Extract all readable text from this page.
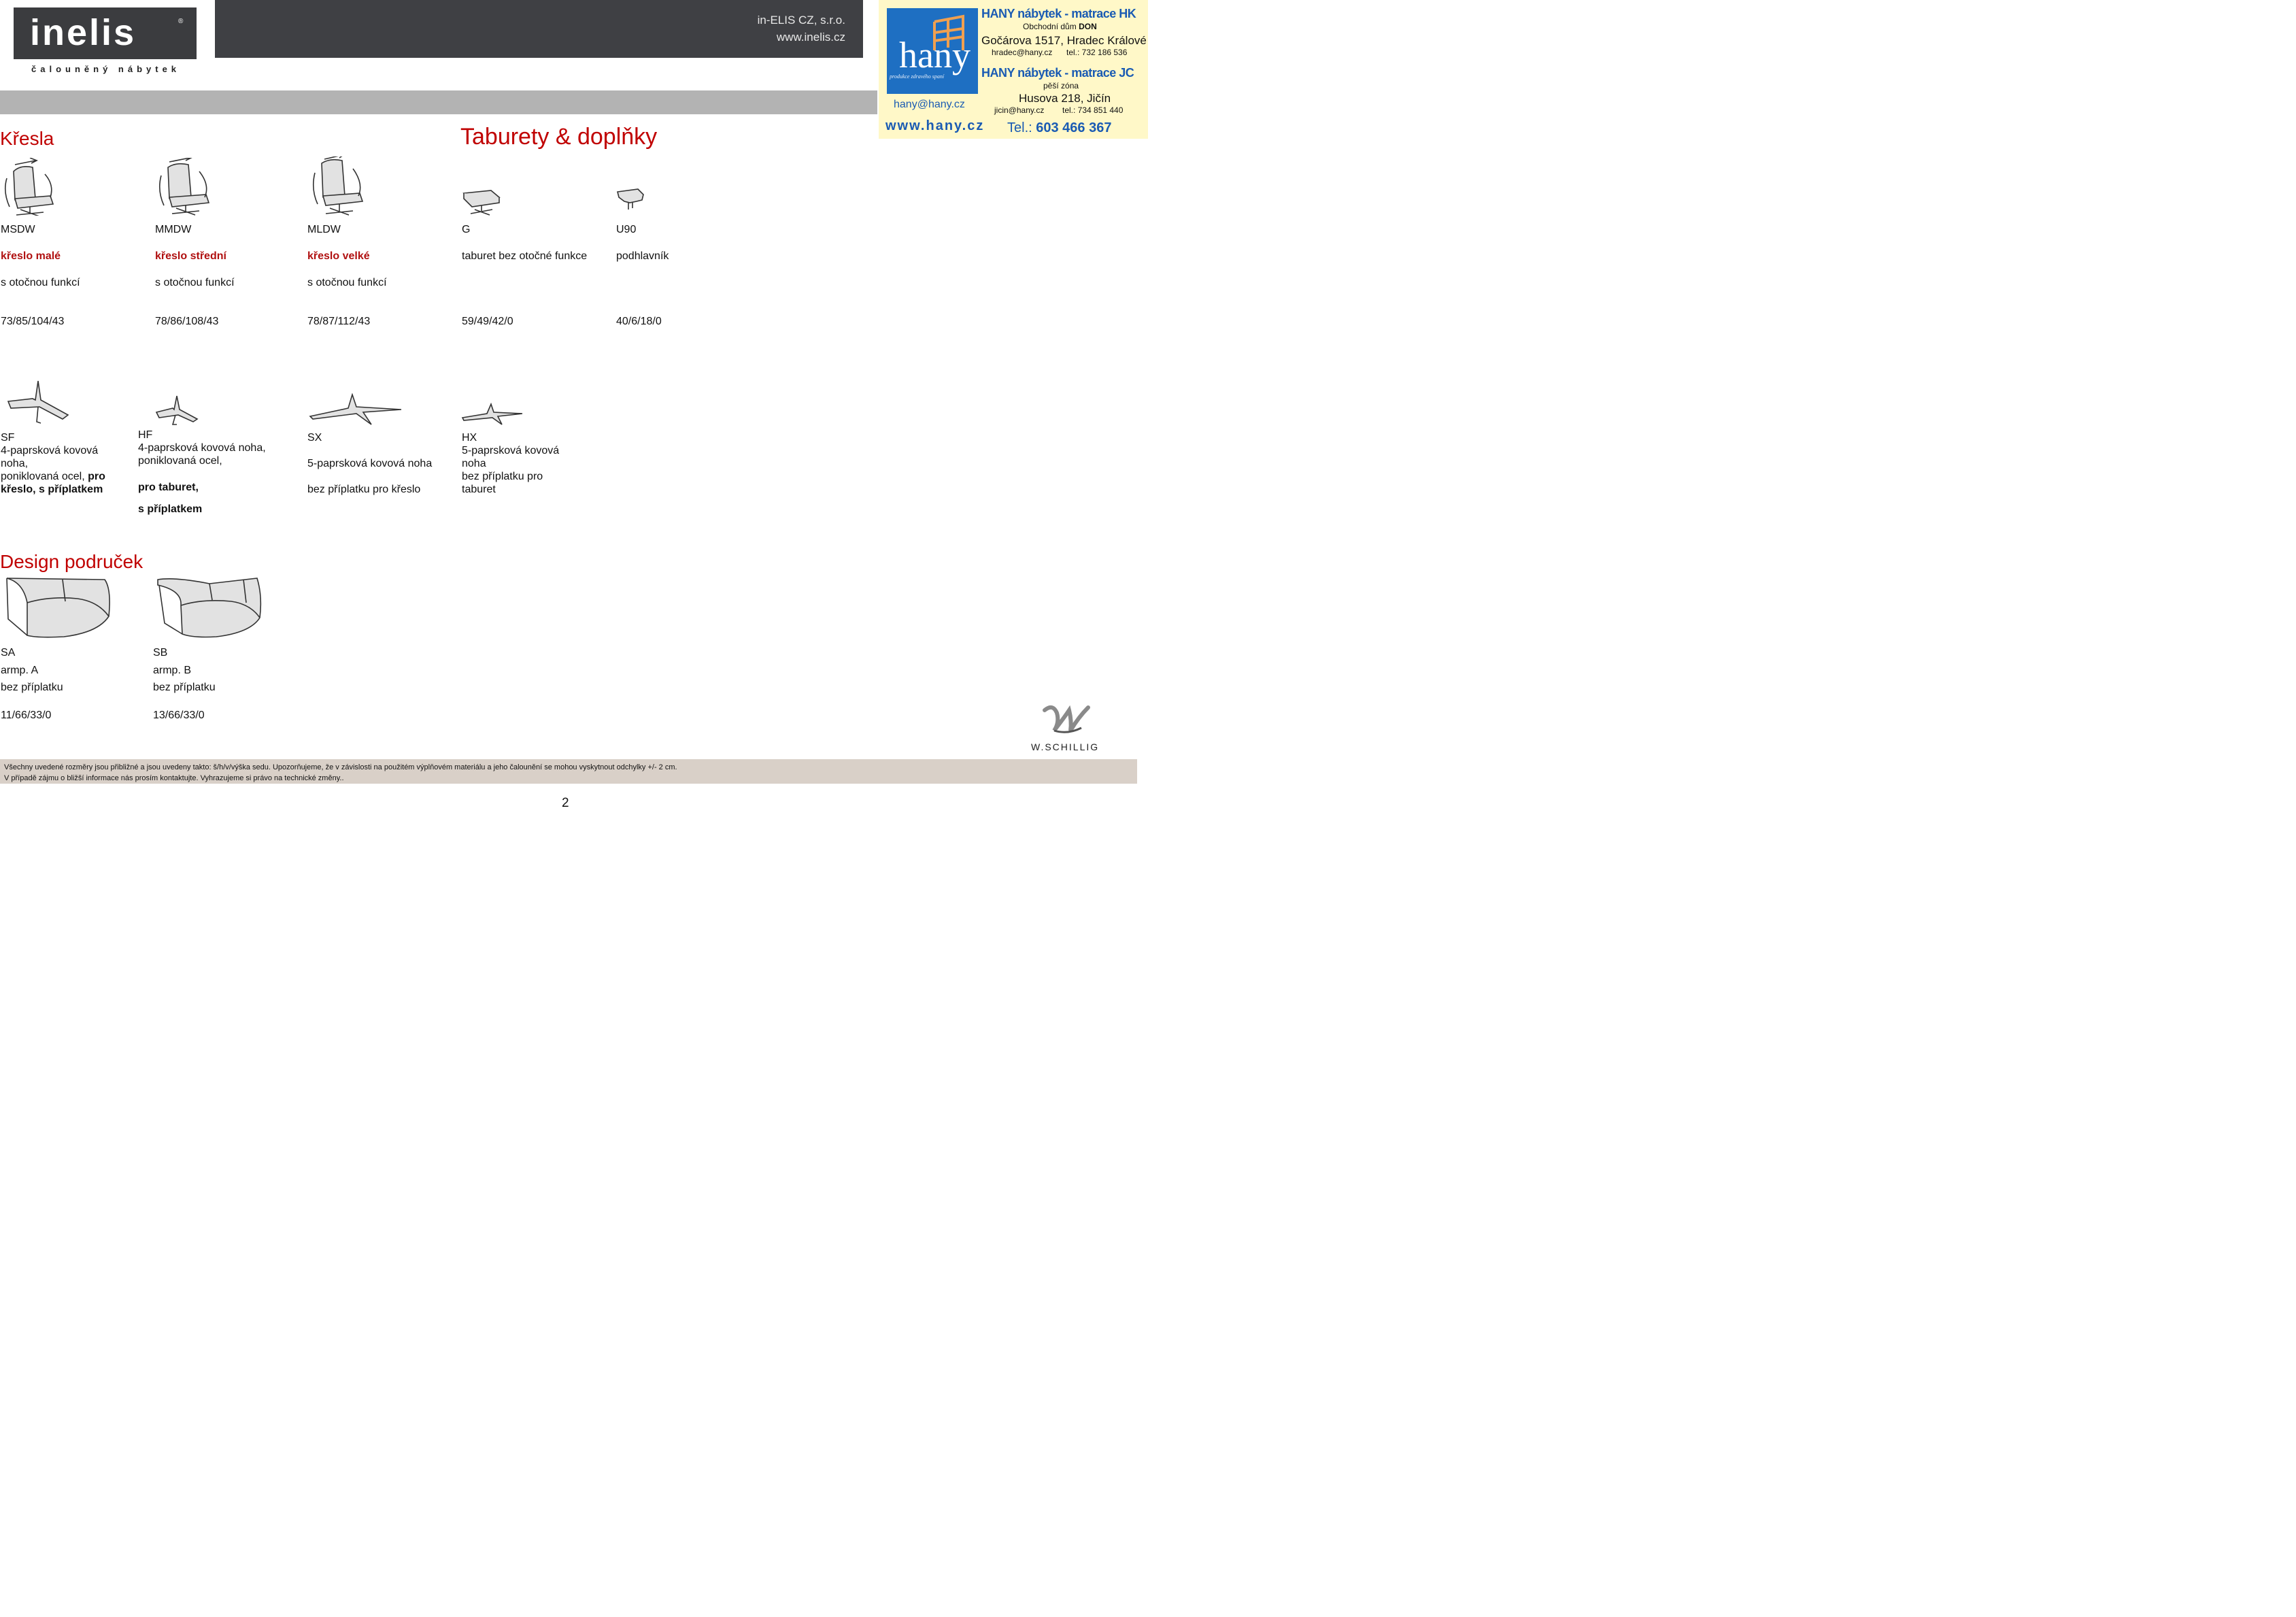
inelis	®
čalouněný nábytek
in-ELIS CZ, s.r.o.
www.inelis.cz hany
produkce zdravého spaní
® HANY nábytek - matrace HK
Obchodní dům DON
Gočárova 1517, Hradec Králové
hradec@hany.cz tel.: 732 186 536
HANY nábytek - matrace JC
pěší zóna
Husova 218, Jičín
jicin@hany.cz tel.: 734 851 440
hany@hany.cz
www.hany.cz Tel.: 603 466 367
Křesla	Taburety & doplňky
MSDW
křeslo malé
s otočnou funkcí
73/85/104/43
MMDW
křeslo střední
s otočnou funkcí
78/86/108/43
MLDW
křeslo velké
s otočnou funkcí
78/87/112/43
G
taburet bez otočné funkce
59/49/42/0
U90
podhlavník
40/6/18/0
SF
4-paprsková kovová
noha,
poniklovaná ocel, pro
křeslo, s příplatkem
HF
4-paprsková kovová noha,
poniklovaná ocel,
pro taburet,
s příplatkem
SX
5-paprsková kovová noha
bez příplatku pro křeslo
HX
5-paprsková kovová
noha
bez příplatku pro
taburet
Design područek
SA
armp. A
bez příplatku
11/66/33/0
SB
armp. B
bez příplatku
13/66/33/0
W.SCHILLIG
Všechny uvedené rozměry jsou přibližné a jsou uvedeny takto: š/h/v/výška sedu. Upozorňujeme, že v závislosti na použitém výplňovém materiálu a jeho čalounění se mohou vyskytnout odchylky +/- 2 cm.
V případě zájmu o bližší informace nás prosím kontaktujte. Vyhrazujeme si právo na technické změny..
2
